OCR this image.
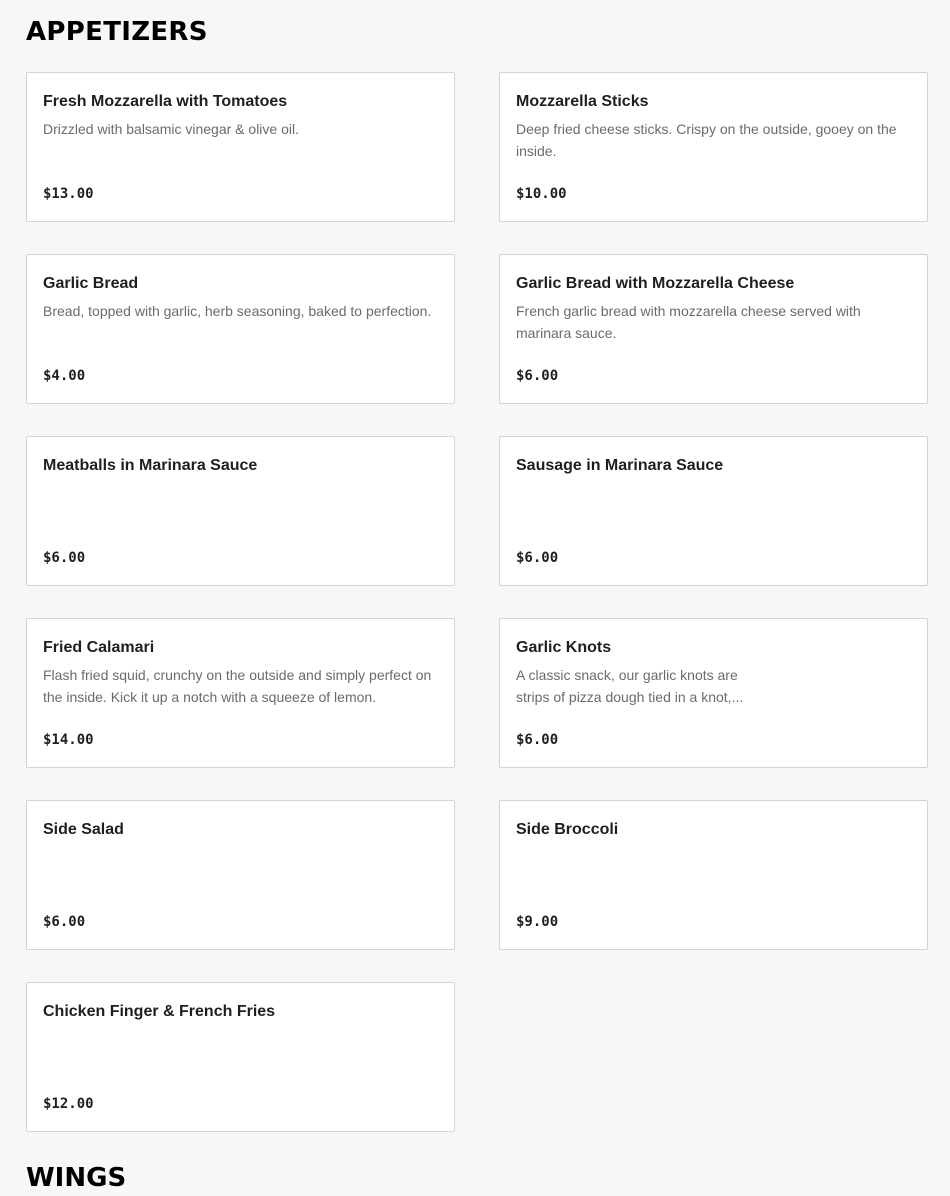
APPETIZERS
Fresh Mozzarella with Tomatoes
Drizzled with balsamic vinegar & olive oil.
$13.00
Mozzarella Sticks
Deep fried cheese sticks. Crispy on the outside, gooey on the inside.
$10.00
Garlic Bread
Bread, topped with garlic, herb seasoning, baked to perfection.
$4.00
Garlic Bread with Mozzarella Cheese
French garlic bread with mozzarella cheese served with marinara sauce.
$6.00
Meatballs in Marinara Sauce
$6.00
Sausage in Marinara Sauce
$6.00
Fried Calamari
Flash fried squid, crunchy on the outside and simply perfect on the inside. Kick it up a notch with a squeeze of lemon.
$14.00
Garlic Knots
A classic snack, our garlic knots are strips of pizza dough tied in a knot,...
$6.00
Side Salad
$6.00
Side Broccoli
$9.00
Chicken Finger & French Fries
$12.00
WINGS
